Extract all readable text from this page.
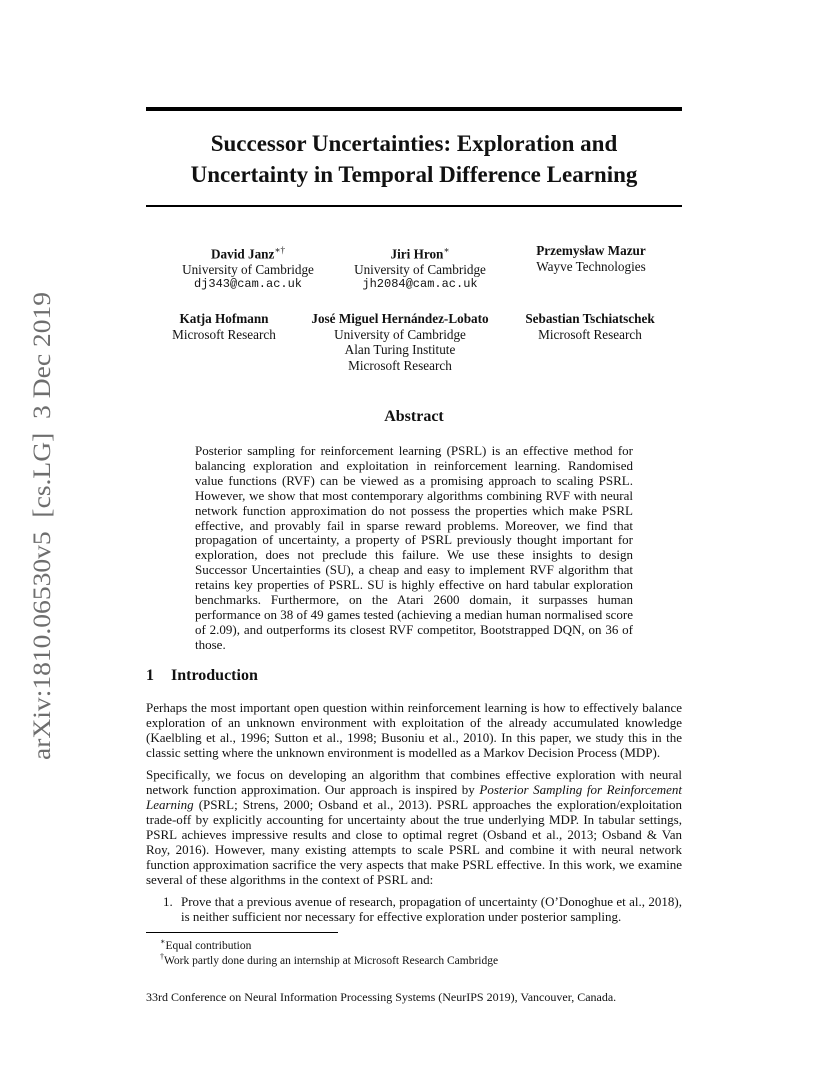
arXiv:1810.06530v5  [cs.LG]  3 Dec 2019
Successor Uncertainties: Exploration and
Uncertainty in Temporal Difference Learning
David Janz∗†
University of Cambridge
dj343@cam.ac.uk
Jiri Hron∗
University of Cambridge
jh2084@cam.ac.uk
Przemysław Mazur
Wayve Technologies
Katja Hofmann
Microsoft Research
José Miguel Hernández-Lobato
University of Cambridge
Alan Turing Institute
Microsoft Research
Sebastian Tschiatschek
Microsoft Research
Abstract
Posterior sampling for reinforcement learning (PSRL) is an effective method for balancing exploration and exploitation in reinforcement learning. Randomised value functions (RVF) can be viewed as a promising approach to scaling PSRL. However, we show that most contemporary algorithms combining RVF with neural network function approximation do not possess the properties which make PSRL effective, and provably fail in sparse reward problems. Moreover, we find that propagation of uncertainty, a property of PSRL previously thought important for exploration, does not preclude this failure. We use these insights to design Successor Uncertainties (SU), a cheap and easy to implement RVF algorithm that retains key properties of PSRL. SU is highly effective on hard tabular exploration benchmarks. Furthermore, on the Atari 2600 domain, it surpasses human performance on 38 of 49 games tested (achieving a median human normalised score of 2.09), and outperforms its closest RVF competitor, Bootstrapped DQN, on 36 of those.
1 Introduction
Perhaps the most important open question within reinforcement learning is how to effectively balance exploration of an unknown environment with exploitation of the already accumulated knowledge (Kaelbling et al., 1996; Sutton et al., 1998; Busoniu et al., 2010). In this paper, we study this in the classic setting where the unknown environment is modelled as a Markov Decision Process (MDP).
Specifically, we focus on developing an algorithm that combines effective exploration with neural network function approximation. Our approach is inspired by Posterior Sampling for Reinforcement Learning (PSRL; Strens, 2000; Osband et al., 2013). PSRL approaches the exploration/exploitation trade-off by explicitly accounting for uncertainty about the true underlying MDP. In tabular settings, PSRL achieves impressive results and close to optimal regret (Osband et al., 2013; Osband & Van Roy, 2016). However, many existing attempts to scale PSRL and combine it with neural network function approximation sacrifice the very aspects that make PSRL effective. In this work, we examine several of these algorithms in the context of PSRL and:
1. Prove that a previous avenue of research, propagation of uncertainty (O’Donoghue et al., 2018), is neither sufficient nor necessary for effective exploration under posterior sampling.
∗Equal contribution
†Work partly done during an internship at Microsoft Research Cambridge
33rd Conference on Neural Information Processing Systems (NeurIPS 2019), Vancouver, Canada.
